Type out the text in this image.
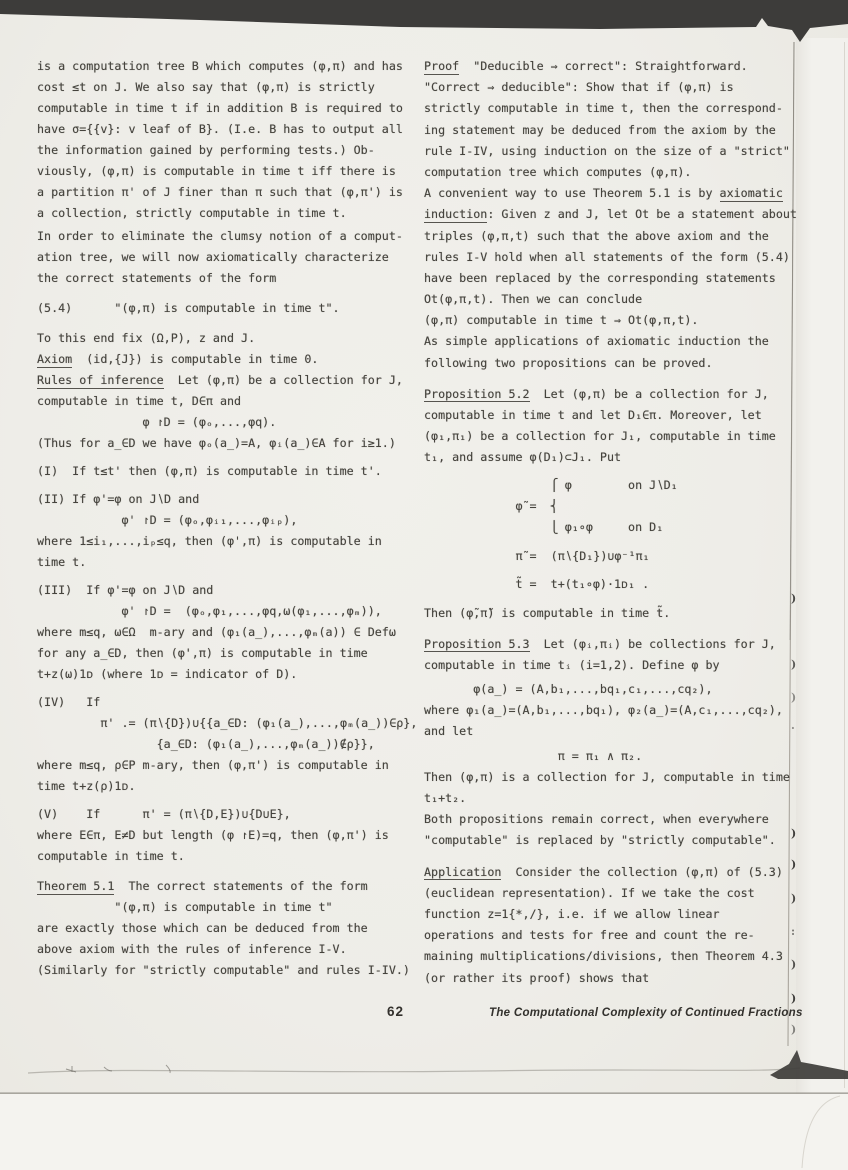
is a computation tree B which computes (φ,π) and has
cost ≤t on J. We also say that (φ,π) is strictly
computable in time t if in addition B is required to
have σ={{v}: v leaf of B}. (I.e. B has to output all
the information gained by performing tests.) Ob-
viously, (φ,π) is computable in time t iff there is
a partition π' of J finer than π such that (φ,π') is
a collection, strictly computable in time t.
In order to eliminate the clumsy notion of a comput-
ation tree, we will now axiomatically characterize
the correct statements of the form
(5.4)      "(φ,π) is computable in time t".
To this end fix (Ω,P), z and J.
Axiom  (id,{J}) is computable in time 0.
Rules of inference  Let (φ,π) be a collection for J,
computable in time t, D∈π and
φ ↾D = (φₒ,...,φq).
(Thus for a̲∈D we have φₒ(a̲)=A, φᵢ(a̲)∈A for i≥1.)
(I)  If t≤t' then (φ,π) is computable in time t'.
(II) If φ'=φ on J∖D and
φ' ↾D = (φₒ,φᵢ₁,...,φᵢₚ),
where 1≤i₁,...,iₚ≤q, then (φ',π) is computable in
time t.
(III)  If φ'=φ on J∖D and
φ' ↾D =  (φₒ,φ₁,...,φq,ω(φ₁,...,φₘ)),
where m≤q, ω∈Ω  m-ary and (φ₁(a̲),...,φₘ(a)) ∈ Defω
for any a̲∈D, then (φ',π) is computable in time
t+z(ω)1ᴅ (where 1ᴅ = indicator of D).
(IV)   If
π' .= (π∖{D})∪{{a̲∈D: (φ₁(a̲),...,φₘ(a̲))∈ρ},
{a̲∈D: (φ₁(a̲),...,φₘ(a̲))∉ρ}},
where m≤q, ρ∈P m-ary, then (φ,π') is computable in
time t+z(ρ)1ᴅ.
(V)    If      π' = (π∖{D,E})∪{D∪E},
where E∈π, E≠D but length (φ ↾E)=q, then (φ,π') is
computable in time t.
Theorem 5.1  The correct statements of the form
"(φ,π) is computable in time t"
are exactly those which can be deduced from the
above axiom with the rules of inference I-V.
(Similarly for "strictly computable" and rules I-IV.)
Proof  "Deducible ⇒ correct": Straightforward.
"Correct ⇒ deducible": Show that if (φ,π) is
strictly computable in time t, then the correspond-
ing statement may be deduced from the axiom by the
rule I-IV, using induction on the size of a "strict"
computation tree which computes (φ,π).
A convenient way to use Theorem 5.1 is by axiomatic
induction: Given z and J, let Ot be a statement about
triples (φ,π,t) such that the above axiom and the
rules I-V hold when all statements of the form (5.4)
have been replaced by the corresponding statements
Ot(φ,π,t). Then we can conclude
(φ,π) computable in time t ⇒ Ot(φ,π,t).
As simple applications of axiomatic induction the
following two propositions can be proved.
Proposition 5.2  Let (φ,π) be a collection for J,
computable in time t and let D₁∈π. Moreover, let
(φ₁,π₁) be a collection for J₁, computable in time
t₁, and assume φ(D₁)⊂J₁. Put
⎧ φ        on J∖D₁
φ̃ =  ⎨
⎩ φ₁∘φ     on D₁
π̃ =  (π∖{D₁})∪φ⁻¹π₁
t̃ =  t+(t₁∘φ)·1ᴅ₁ .
Then (φ̃,π̃) is computable in time t̃.
Proposition 5.3  Let (φᵢ,πᵢ) be collections for J,
computable in time tᵢ (i=1,2). Define φ by
φ(a̲) = (A,b₁,...,bq₁,c₁,...,cq₂),
where φ₁(a̲)=(A,b₁,...,bq₁), φ₂(a̲)=(A,c₁,...,cq₂),
and let
π = π₁ ∧ π₂.
Then (φ,π) is a collection for J, computable in time
t₁+t₂.
Both propositions remain correct, when everywhere
"computable" is replaced by "strictly computable".
Application  Consider the collection (φ,π) of (5.3)
(euclidean representation). If we take the cost
function z=1{*,/}, i.e. if we allow linear
operations and tests for free and count the re-
maining multiplications/divisions, then Theorem 4.3
(or rather its proof) shows that
62	The Computational Complexity of Continued Fractions
)
)
)
·
)
)
)
:
)
)
)
